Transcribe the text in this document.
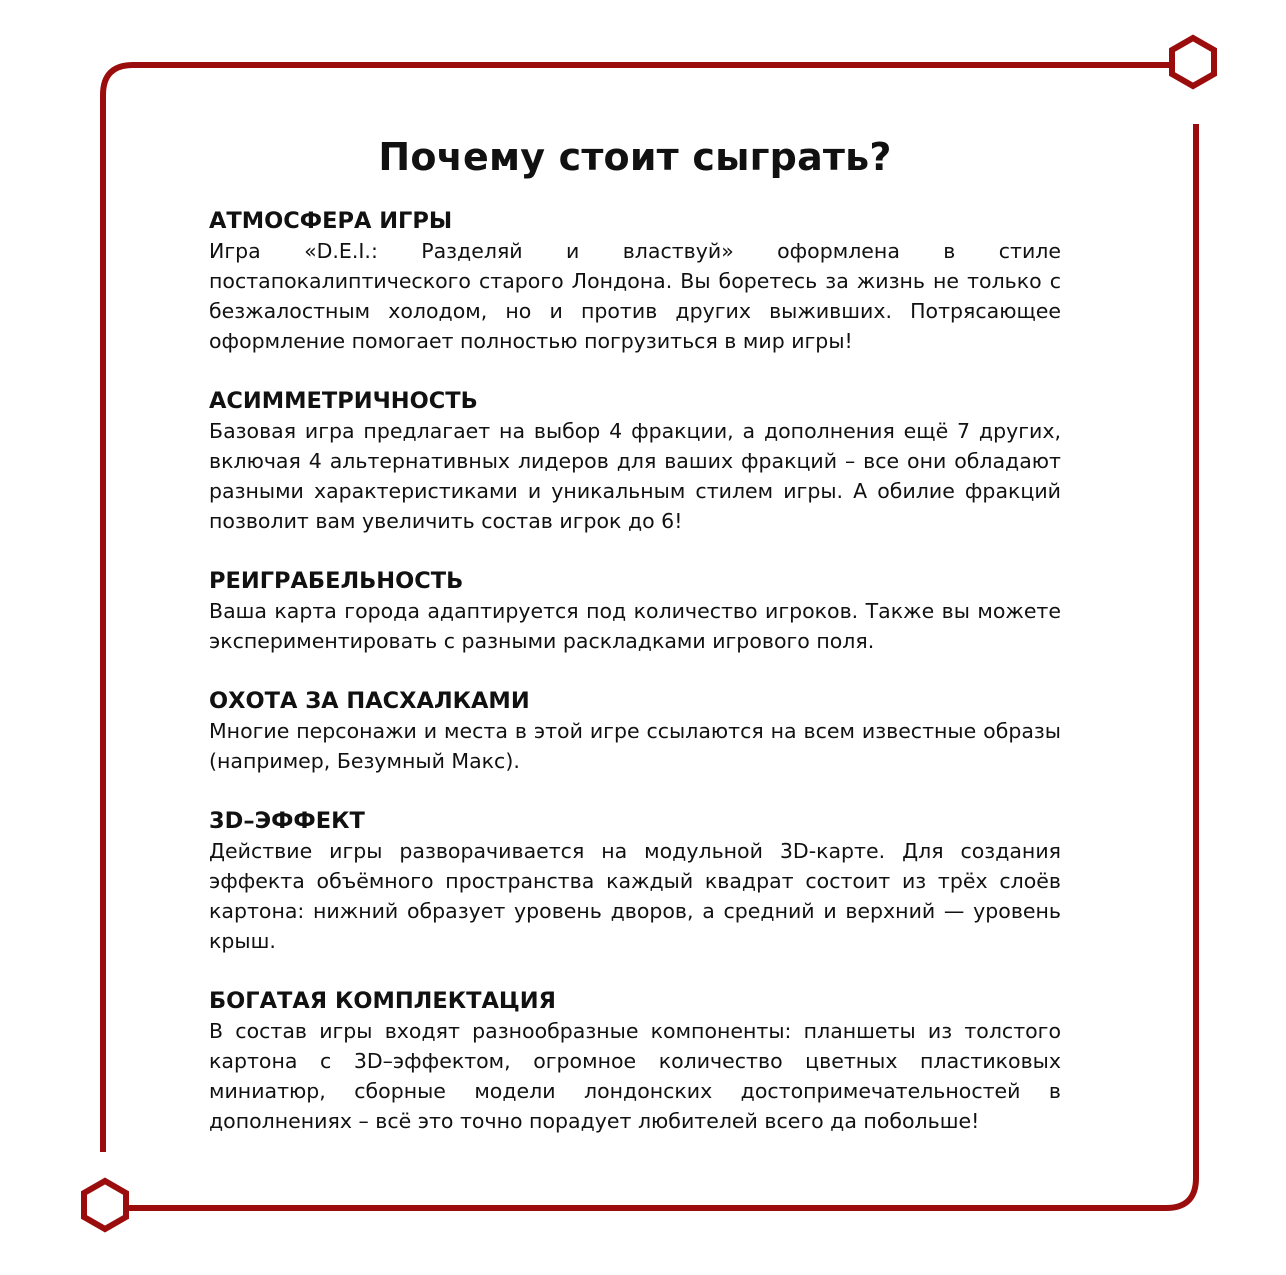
Почему стоит сыграть?

АТМОСФЕРА ИГРЫ

Игра «D.E.I.: Разделяй и властвуй» оформлена в стиле постапокалиптического старого Лондона. Вы боретесь за жизнь не только с безжалостным холодом, но и против других выживших. Потрясающее оформление помогает полностью погрузиться в мир игры!

АСИММЕТРИЧНОСТЬ

Базовая игра предлагает на выбор 4 фракции, а дополнения ещё 7 других, включая 4 альтернативных лидеров для ваших фракций – все они обладают разными характеристиками и уникальным стилем игры. А обилие фракций позволит вам увеличить состав игрок до 6!

РЕИГРАБЕЛЬНОСТЬ

Ваша карта города адаптируется под количество игроков. Также вы можете экспериментировать с разными раскладками игрового поля.

ОХОТА ЗА ПАСХАЛКАМИ

Многие персонажи и места в этой игре ссылаются на всем известные образы (например, Безумный Макс).

3D–ЭФФЕКТ

Действие игры разворачивается на модульной 3D-карте. Для создания эффекта объёмного пространства каждый квадрат состоит из трёх слоёв картона: нижний образует уровень дворов, а средний и верхний — уровень крыш.

БОГАТАЯ КОМПЛЕКТАЦИЯ

В состав игры входят разнообразные компоненты: планшеты из толстого картона с 3D–эффектом, огромное количество цветных пластиковых миниатюр, сборные модели лондонских достопримечательностей в дополнениях – всё это точно порадует любителей всего да побольше!
